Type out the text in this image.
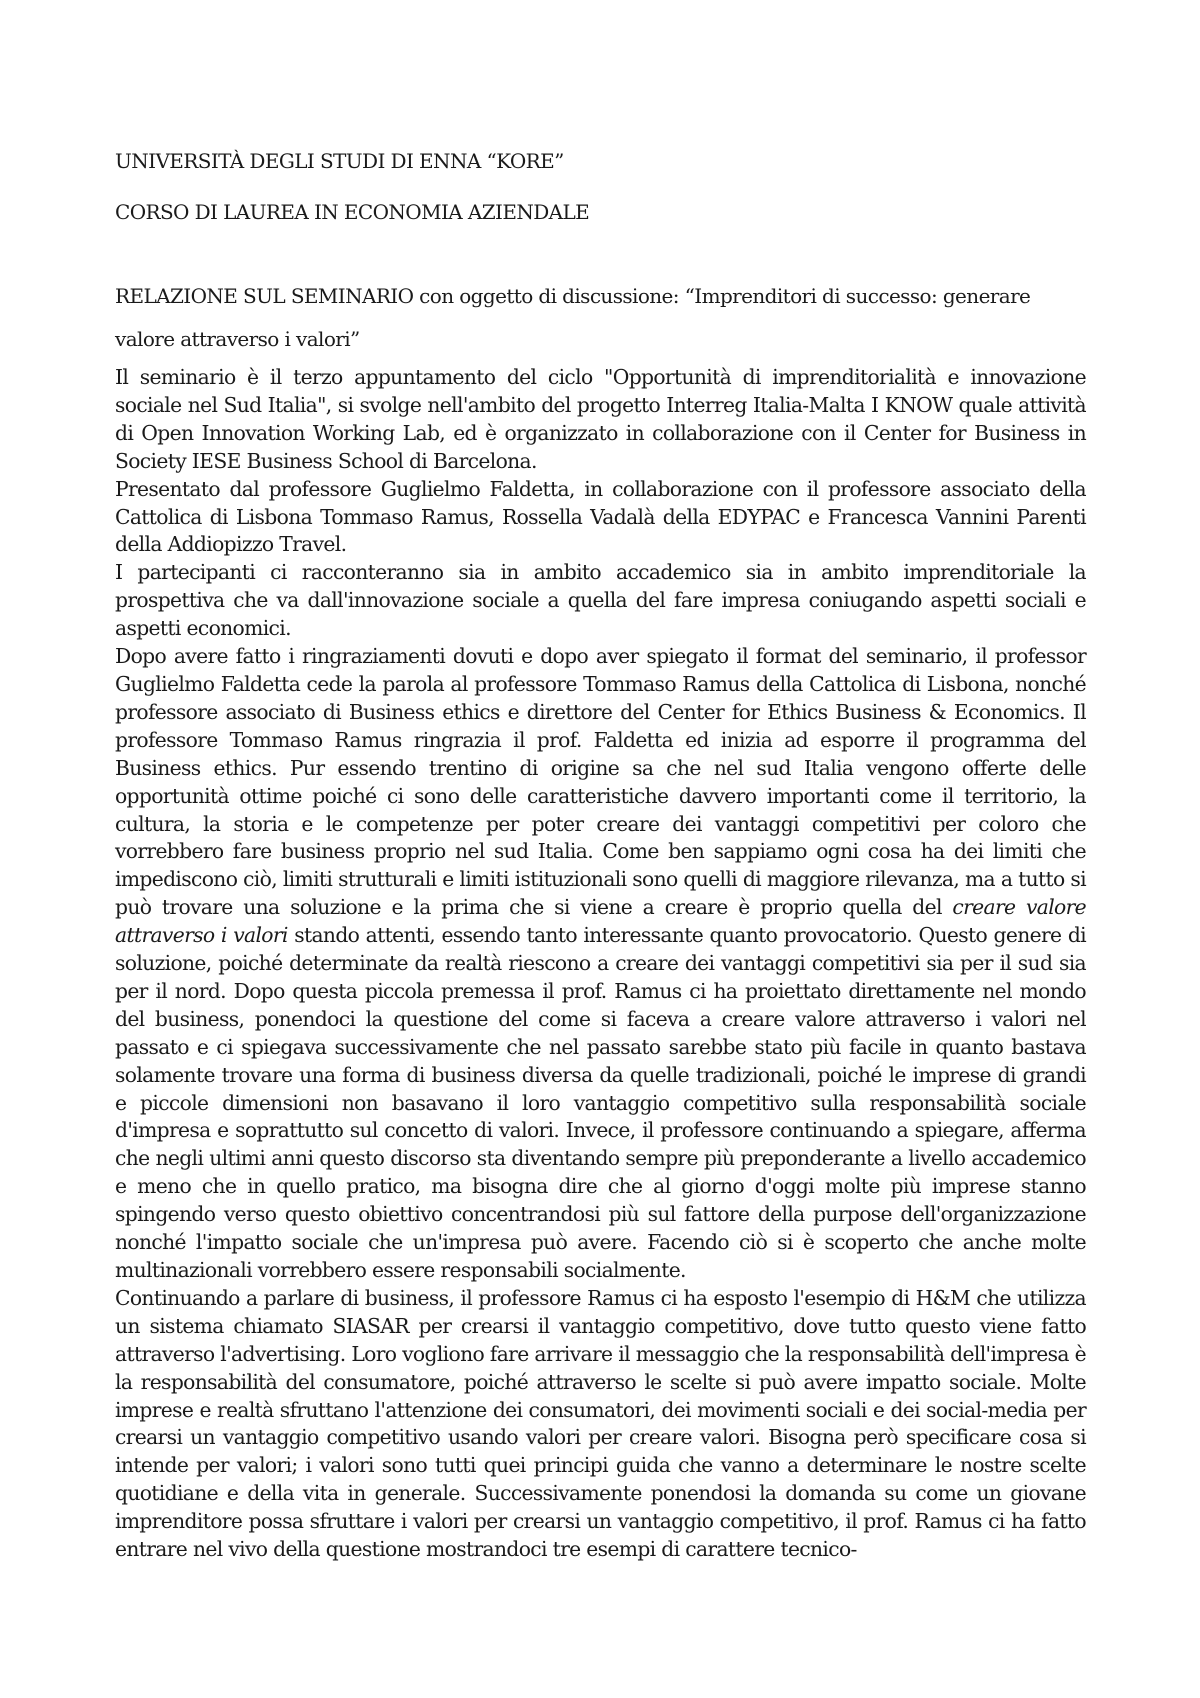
UNIVERSITÀ DEGLI STUDI DI ENNA “KORE”
CORSO DI LAUREA IN ECONOMIA AZIENDALE
RELAZIONE SUL SEMINARIO con oggetto di discussione: “Imprenditori di successo: generare
valore attraverso i valori”

Il seminario è il terzo appuntamento del ciclo "Opportunità di imprenditorialità e innovazione sociale nel Sud Italia", si svolge nell'ambito del progetto Interreg Italia-Malta I KNOW quale attività di Open Innovation Working Lab, ed è organizzato in collaborazione con il Center for Business in Society IESE Business School di Barcelona.

Presentato dal professore Guglielmo Faldetta, in collaborazione con il professore associato della Cattolica di Lisbona Tommaso Ramus, Rossella Vadalà della EDYPAC e Francesca Vannini Parenti della Addiopizzo Travel.

I partecipanti ci racconteranno sia in ambito accademico sia in ambito imprenditoriale la prospettiva che va dall'innovazione sociale a quella del fare impresa coniugando aspetti sociali e aspetti economici.

Dopo avere fatto i ringraziamenti dovuti e dopo aver spiegato il format del seminario, il professor Guglielmo Faldetta cede la parola al professore Tommaso Ramus della Cattolica di Lisbona, nonché professore associato di Business ethics e direttore del Center for Ethics Business & Economics. Il professore Tommaso Ramus ringrazia il prof. Faldetta ed inizia ad esporre il programma del Business ethics. Pur essendo trentino di origine sa che nel sud Italia vengono offerte delle opportunità ottime poiché ci sono delle caratteristiche davvero importanti come il territorio, la cultura, la storia e le competenze per poter creare dei vantaggi competitivi per coloro che vorrebbero fare business proprio nel sud Italia. Come ben sappiamo ogni cosa ha dei limiti che impediscono ciò, limiti strutturali e limiti istituzionali sono quelli di maggiore rilevanza, ma a tutto si può trovare una soluzione e la prima che si viene a creare è proprio quella del creare valore attraverso i valori stando attenti, essendo tanto interessante quanto provocatorio. Questo genere di soluzione, poiché determinate da realtà riescono a creare dei vantaggi competitivi sia per il sud sia per il nord. Dopo questa piccola premessa il prof. Ramus ci ha proiettato direttamente nel mondo del business, ponendoci la questione del come si faceva a creare valore attraverso i valori nel passato e ci spiegava successivamente che nel passato sarebbe stato più facile in quanto bastava solamente trovare una forma di business diversa da quelle tradizionali, poiché le imprese di grandi e piccole dimensioni non basavano il loro vantaggio competitivo sulla responsabilità sociale d'impresa e soprattutto sul concetto di valori. Invece, il professore continuando a spiegare, afferma che negli ultimi anni questo discorso sta diventando sempre più preponderante a livello accademico e meno che in quello pratico, ma bisogna dire che al giorno d'oggi molte più imprese stanno spingendo verso questo obiettivo concentrandosi più sul fattore della purpose dell'organizzazione nonché l'impatto sociale che un'impresa può avere. Facendo ciò si è scoperto che anche molte multinazionali vorrebbero essere responsabili socialmente.

Continuando a parlare di business, il professore Ramus ci ha esposto l'esempio di H&M che utilizza un sistema chiamato SIASAR per crearsi il vantaggio competitivo, dove tutto questo viene fatto attraverso l'advertising. Loro vogliono fare arrivare il messaggio che la responsabilità dell'impresa è la responsabilità del consumatore, poiché attraverso le scelte si può avere impatto sociale. Molte imprese e realtà sfruttano l'attenzione dei consumatori, dei movimenti sociali e dei social-media per crearsi un vantaggio competitivo usando valori per creare valori. Bisogna però specificare cosa si intende per valori; i valori sono tutti quei principi guida che vanno a determinare le nostre scelte quotidiane e della vita in generale. Successivamente ponendosi la domanda su come un giovane imprenditore possa sfruttare i valori per crearsi un vantaggio competitivo, il prof. Ramus ci ha fatto entrare nel vivo della questione mostrandoci tre esempi di carattere tecnico-
